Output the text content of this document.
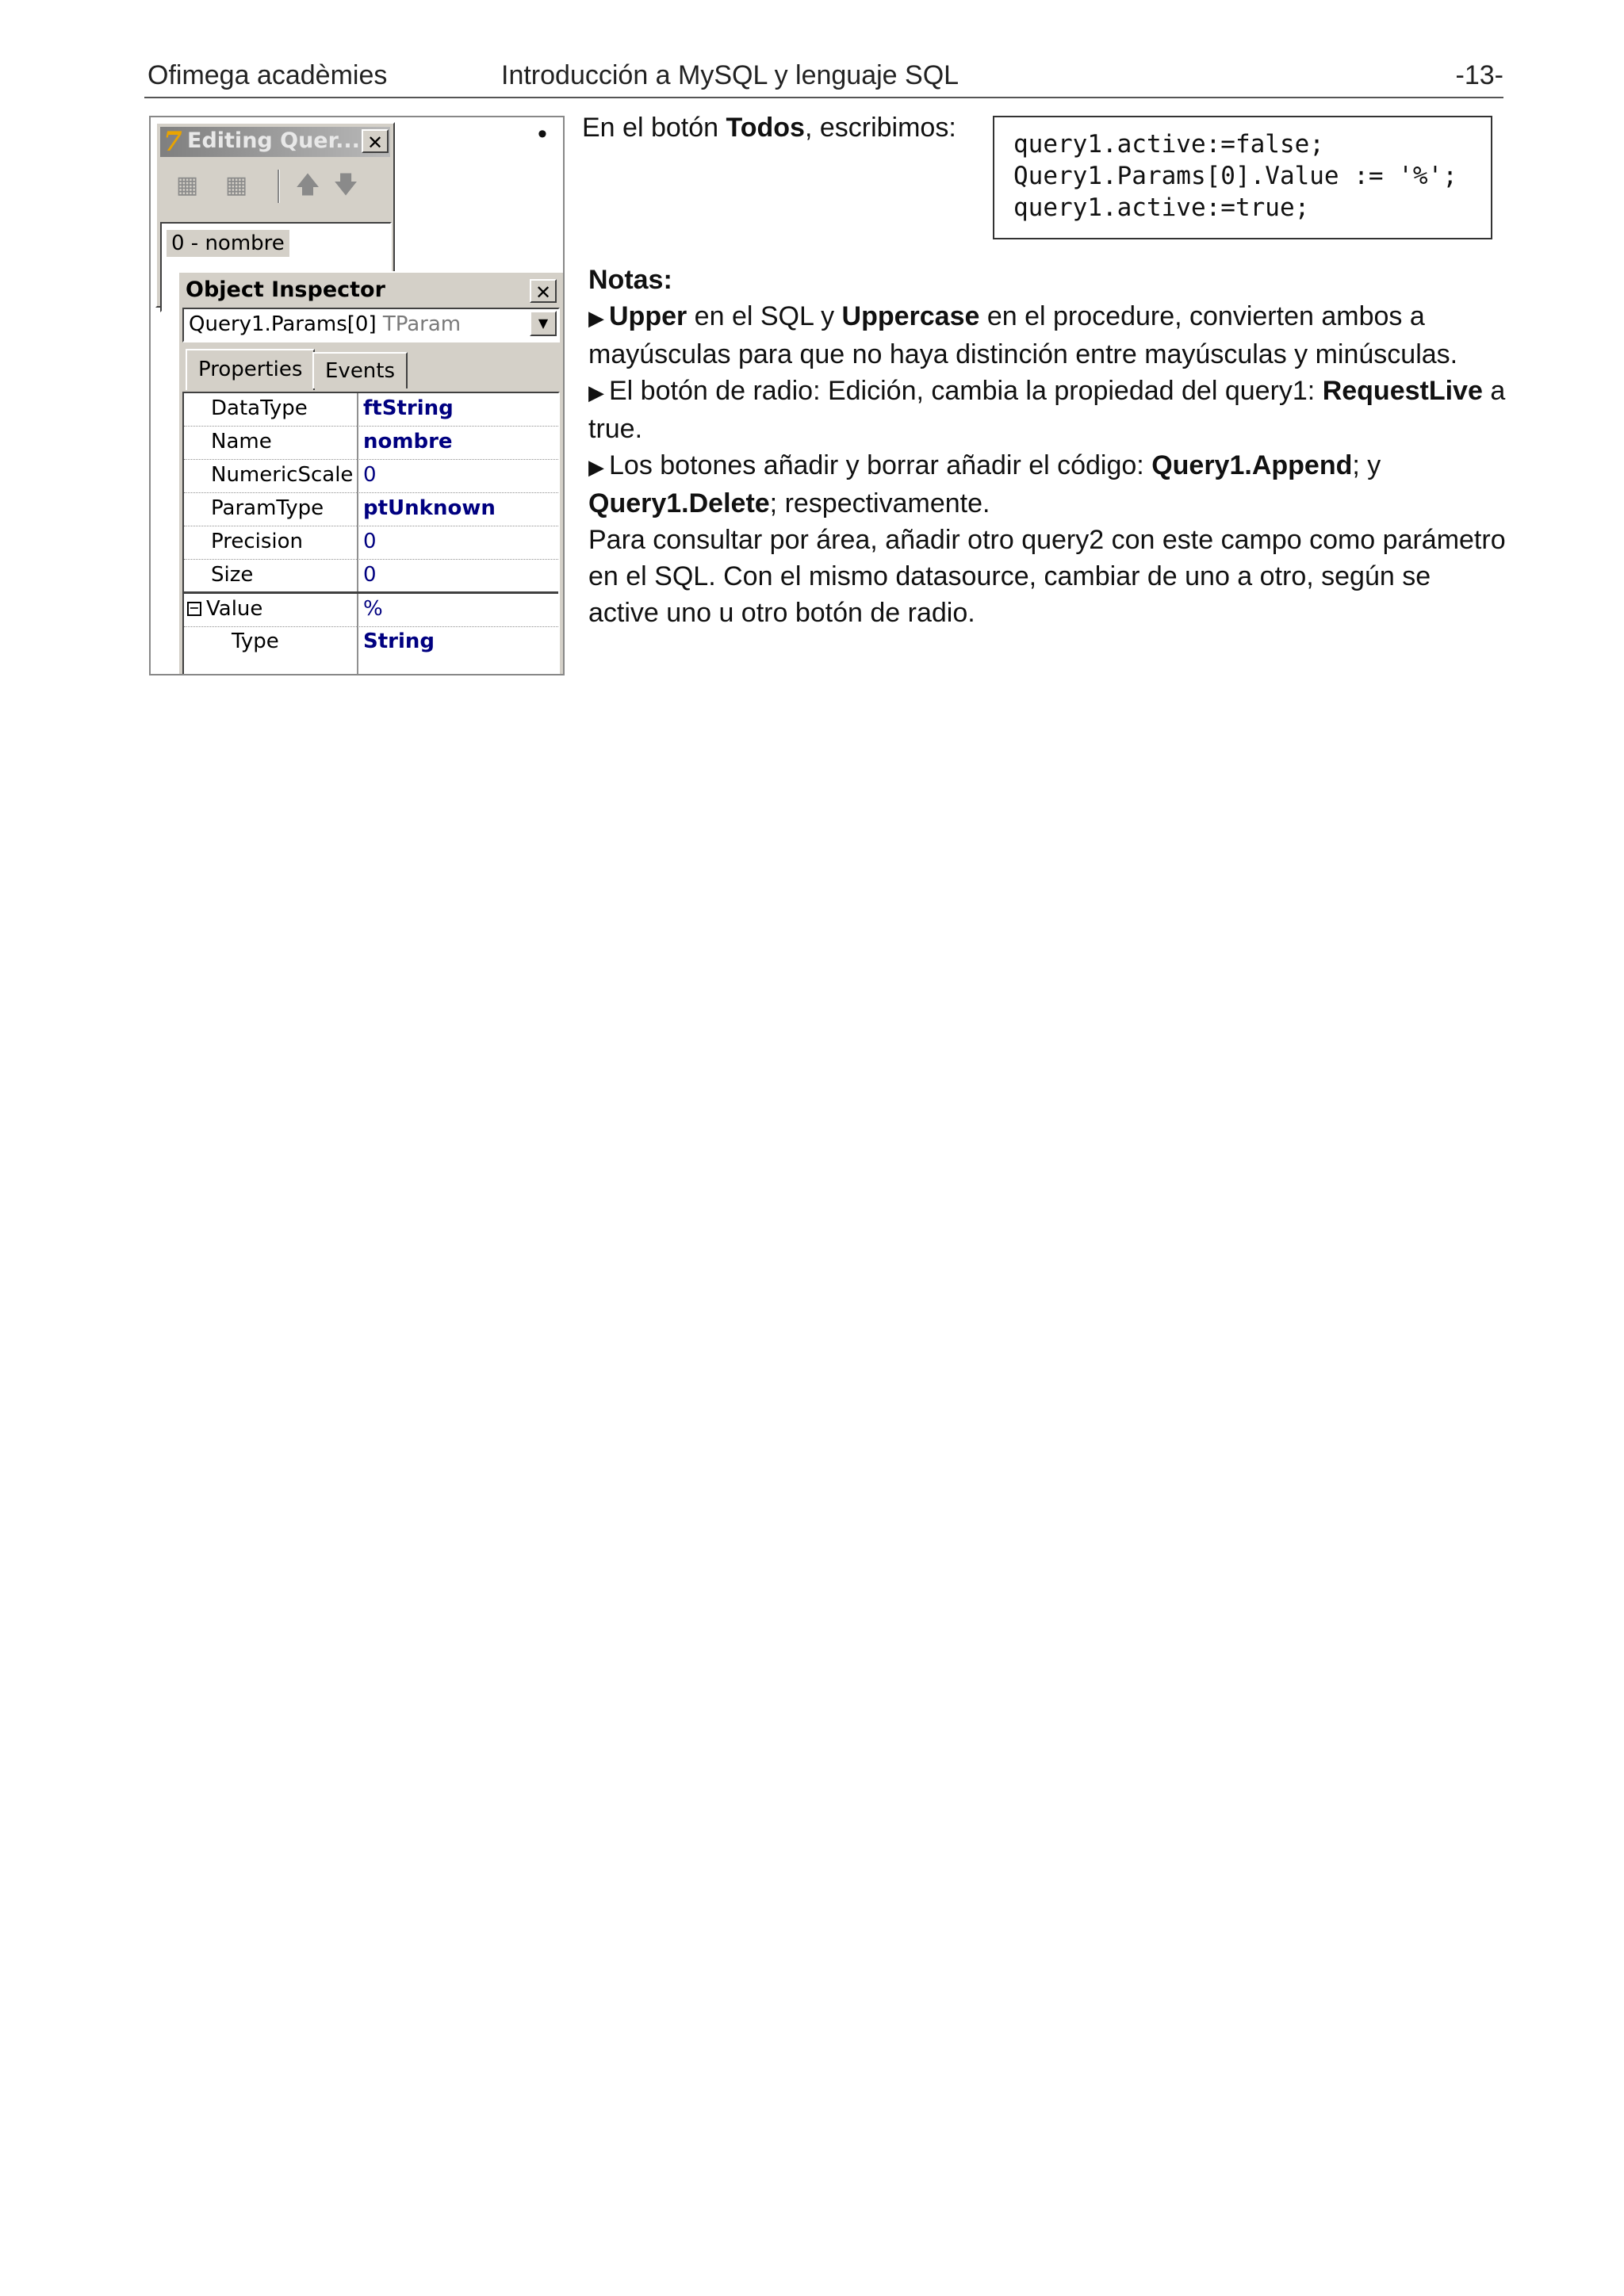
Ofimega acadèmies	Introducción a MySQL y lenguaje SQL	-13-
7 Editing Quer... ✕
▦ ▦ 🡅 🡇
0 - nombre
Object Inspector	✕
Query1.Params[0] TParam	▼
Properties	Events
DataType	ftString
Name	nombre
NumericScale 0
ParamType ptUnknown
Precision	0
Size	0
− Value	%
Type	String
• En el botón Todos, escribimos:
query1.active:=false;
Query1.Params[0].Value := '%';
query1.active:=true;

Notas:

▶ Upper en el SQL y Uppercase en el procedure, convierten ambos a mayúsculas para que no haya distinción entre mayúsculas y minúsculas.

▶ El botón de radio: Edición, cambia la propiedad del query1: RequestLive a true.

▶ Los botones añadir y borrar añadir el código: Query1.Append; y Query1.Delete; respectivamente.

Para consultar por área, añadir otro query2 con este campo como parámetro en el SQL. Con el mismo datasource, cambiar de uno a otro, según se active uno u otro botón de radio.
